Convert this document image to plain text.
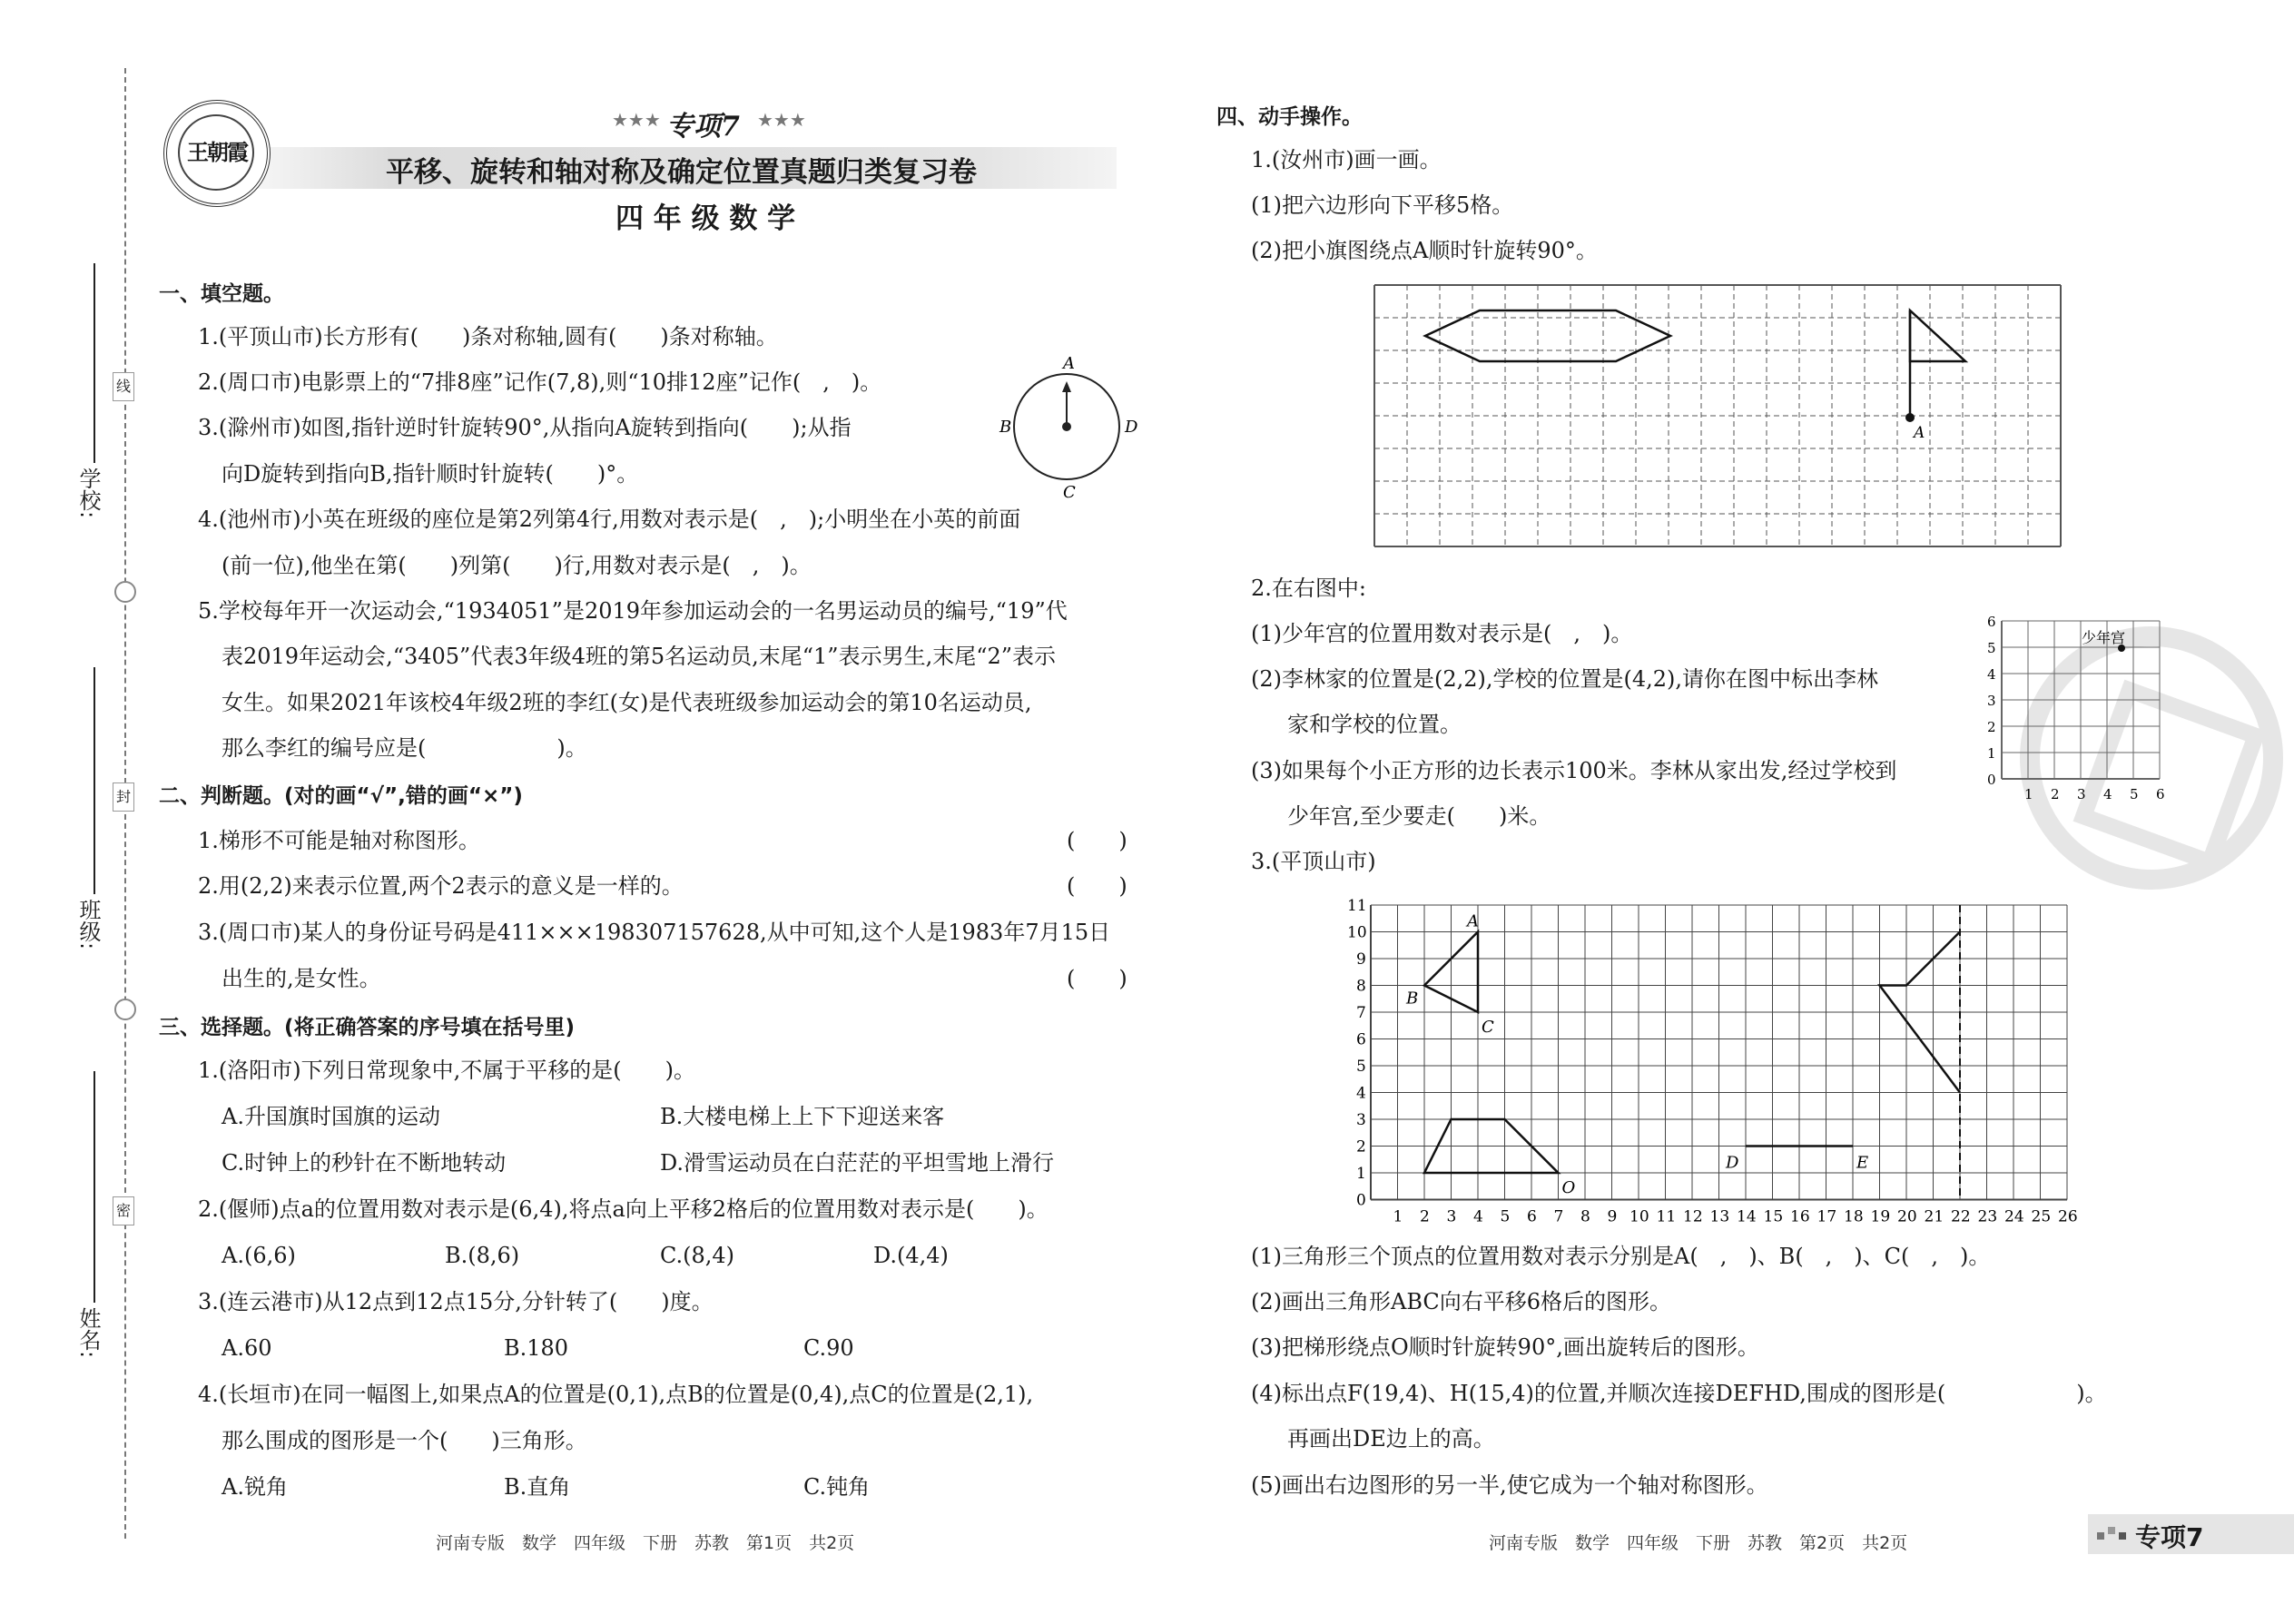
学校:
班级:
姓名:
线
封
密
王朝霞
★★★ 专项7 ★★★
平移、旋转和轴对称及确定位置真题归类复习卷
四 年 级 数 学
一、填空题。
1.(平顶山市)长方形有(　　)条对称轴,圆有(　　)条对称轴。
2.(周口市)电影票上的“7排8座”记作(7,8),则“10排12座”记作(　,　)。
3.(滁州市)如图,指针逆时针旋转90°,从指向A旋转到指向(　　);从指
向D旋转到指向B,指针顺时针旋转(　　)°。
4.(池州市)小英在班级的座位是第2列第4行,用数对表示是(　,　);小明坐在小英的前面
(前一位),他坐在第(　　)列第(　　)行,用数对表示是(　,　)。
5.学校每年开一次运动会,“1934051”是2019年参加运动会的一名男运动员的编号,“19”代
表2019年运动会,“3405”代表3年级4班的第5名运动员,末尾“1”表示男生,末尾“2”表示
女生。如果2021年该校4年级2班的李红(女)是代表班级参加运动会的第10名运动员,
那么李红的编号应是(　　　　　　)。
A
B
C
D
二、判断题。(对的画“√”,错的画“×”)
1.梯形不可能是轴对称图形。	(　　)
2.用(2,2)来表示位置,两个2表示的意义是一样的。	(　　)
3.(周口市)某人的身份证号码是411×××198307157628,从中可知,这个人是1983年7月15日
出生的,是女性。	(　　)
三、选择题。(将正确答案的序号填在括号里)
1.(洛阳市)下列日常现象中,不属于平移的是(　　)。
A.升国旗时国旗的运动	B.大楼电梯上上下下迎送来客
C.时钟上的秒针在不断地转动	D.滑雪运动员在白茫茫的平坦雪地上滑行
2.(偃师)点a的位置用数对表示是(6,4),将点a向上平移2格后的位置用数对表示是(　　)。
A.(6,6)	B.(8,6)	C.(8,4)	D.(4,4)
3.(连云港市)从12点到12点15分,分针转了(　　)度。
A.60	B.180	C.90
4.(长垣市)在同一幅图上,如果点A的位置是(0,1),点B的位置是(0,4),点C的位置是(2,1),
那么围成的图形是一个(　　)三角形。
A.锐角	B.直角	C.钝角
河南专版　数学　四年级　下册　苏教　第1页　共2页
四、动手操作。
1.(汝州市)画一画。
(1)把六边形向下平移5格。
(2)把小旗图绕点A顺时针旋转90°。
A
2.在右图中:
(1)少年宫的位置用数对表示是(　,　)。
(2)李林家的位置是(2,2),学校的位置是(4,2),请你在图中标出李林
家和学校的位置。
(3)如果每个小正方形的边长表示100米。李林从家出发,经过学校到
少年宫,至少要走(　　)米。
0
1
1
2
2
3
3
4
4
5
5
6
6
少年宫
3.(平顶山市)
0
1
2
3
4
5
6
7
8
9
10
11
1 2 3 4 5 6 7 8 9 10 11 12 13 14 15 16 17 18 19 20 21 22 23 24 25 26
A
B
C
O
D	E
(1)三角形三个顶点的位置用数对表示分别是A(　,　)、B(　,　)、C(　,　)。
(2)画出三角形ABC向右平移6格后的图形。
(3)把梯形绕点O顺时针旋转90°,画出旋转后的图形。
(4)标出点F(19,4)、H(15,4)的位置,并顺次连接DEFHD,围成的图形是(　　　　　　)。
再画出DE边上的高。
(5)画出右边图形的另一半,使它成为一个轴对称图形。
河南专版　数学　四年级　下册　苏教　第2页　共2页	专项7
